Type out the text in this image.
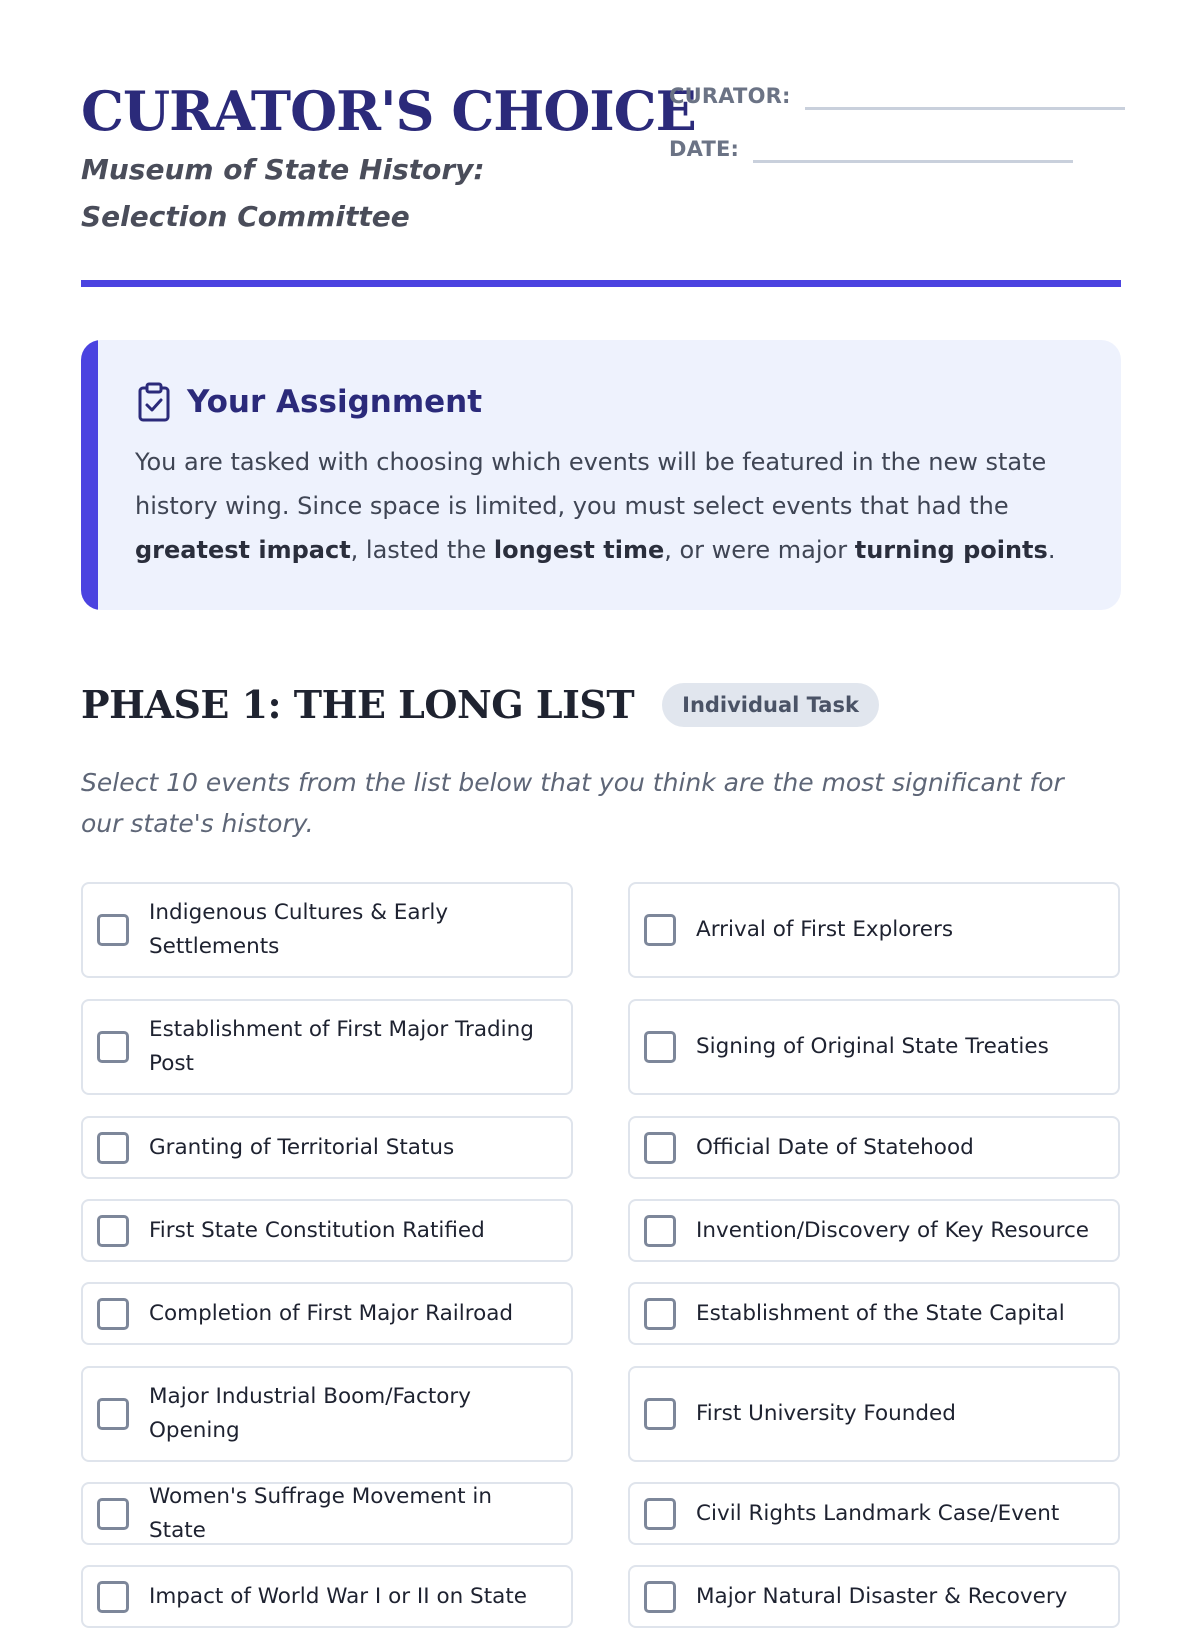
CURATOR'S CHOICE
Museum of State History: Selection Committee
CURATOR:
DATE:
Your Assignment
You are tasked with choosing which events will be featured in the new state history wing. Since space is limited, you must select events that had the greatest impact, lasted the longest time, or were major turning points.
PHASE 1: THE LONG LIST	Individual Task
Select 10 events from the list below that you think are the most significant for our state's history.
Indigenous Cultures & Early Settlements
Arrival of First Explorers
Establishment of First Major Trading Post
Signing of Original State Treaties
Granting of Territorial Status	Official Date of Statehood
First State Constitution Ratified	Invention/Discovery of Key Resource
Completion of First Major Railroad	Establishment of the State Capital
Major Industrial Boom/Factory Opening
First University Founded
Women's Suffrage Movement in State
Civil Rights Landmark Case/Event
Impact of World War I or II on State	Major Natural Disaster & Recovery
